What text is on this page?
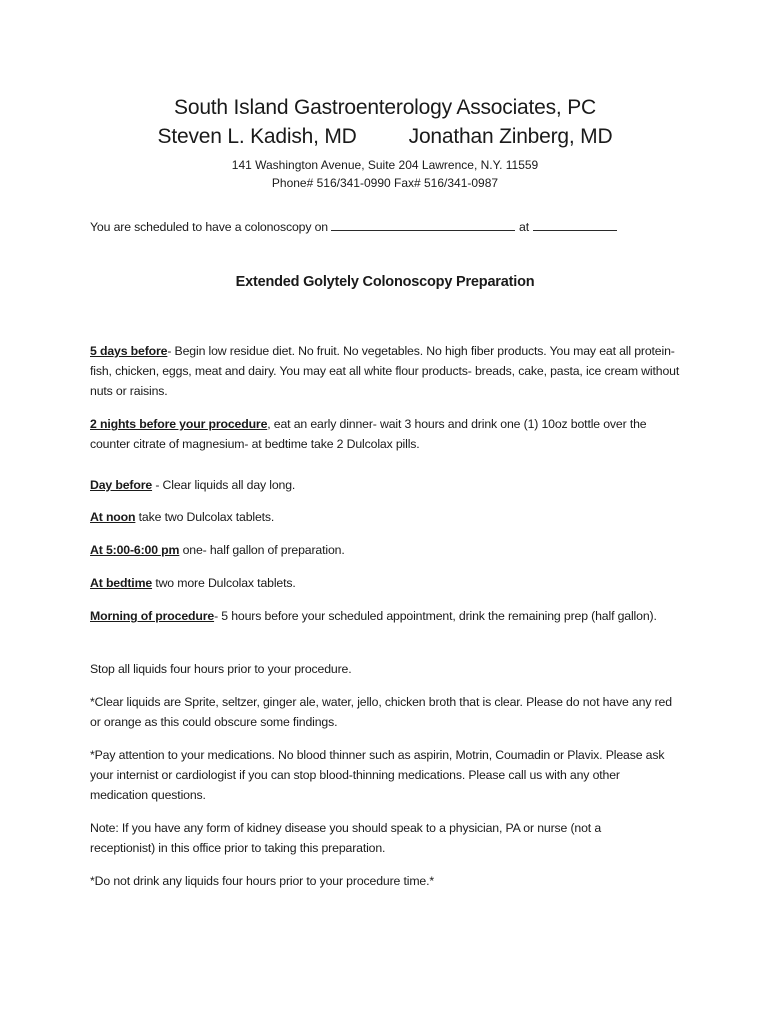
South Island Gastroenterology Associates, PC
Steven L. Kadish, MD Jonathan Zinberg, MD
141 Washington Avenue, Suite 204 Lawrence, N.Y. 11559
Phone# 516/341-0990 Fax# 516/341-0987
You are scheduled to have a colonoscopy on	at
Extended Golytely Colonoscopy Preparation

5 days before- Begin low residue diet. No fruit. No vegetables. No high fiber products. You may eat all protein- fish, chicken, eggs, meat and dairy. You may eat all white flour products- breads, cake, pasta, ice cream without nuts or raisins.

2 nights before your procedure, eat an early dinner- wait 3 hours and drink one (1) 10oz bottle over the counter citrate of magnesium- at bedtime take 2 Dulcolax pills.

Day before - Clear liquids all day long.

At noon take two Dulcolax tablets.

At 5:00-6:00 pm one- half gallon of preparation.

At bedtime two more Dulcolax tablets.

Morning of procedure- 5 hours before your scheduled appointment, drink the remaining prep (half gallon).

Stop all liquids four hours prior to your procedure.

*Clear liquids are Sprite, seltzer, ginger ale, water, jello, chicken broth that is clear. Please do not have any red or orange as this could obscure some findings.

*Pay attention to your medications. No blood thinner such as aspirin, Motrin, Coumadin or Plavix. Please ask your internist or cardiologist if you can stop blood-thinning medications. Please call us with any other medication questions.

Note: If you have any form of kidney disease you should speak to a physician, PA or nurse (not a receptionist) in this office prior to taking this preparation.

*Do not drink any liquids four hours prior to your procedure time.*
